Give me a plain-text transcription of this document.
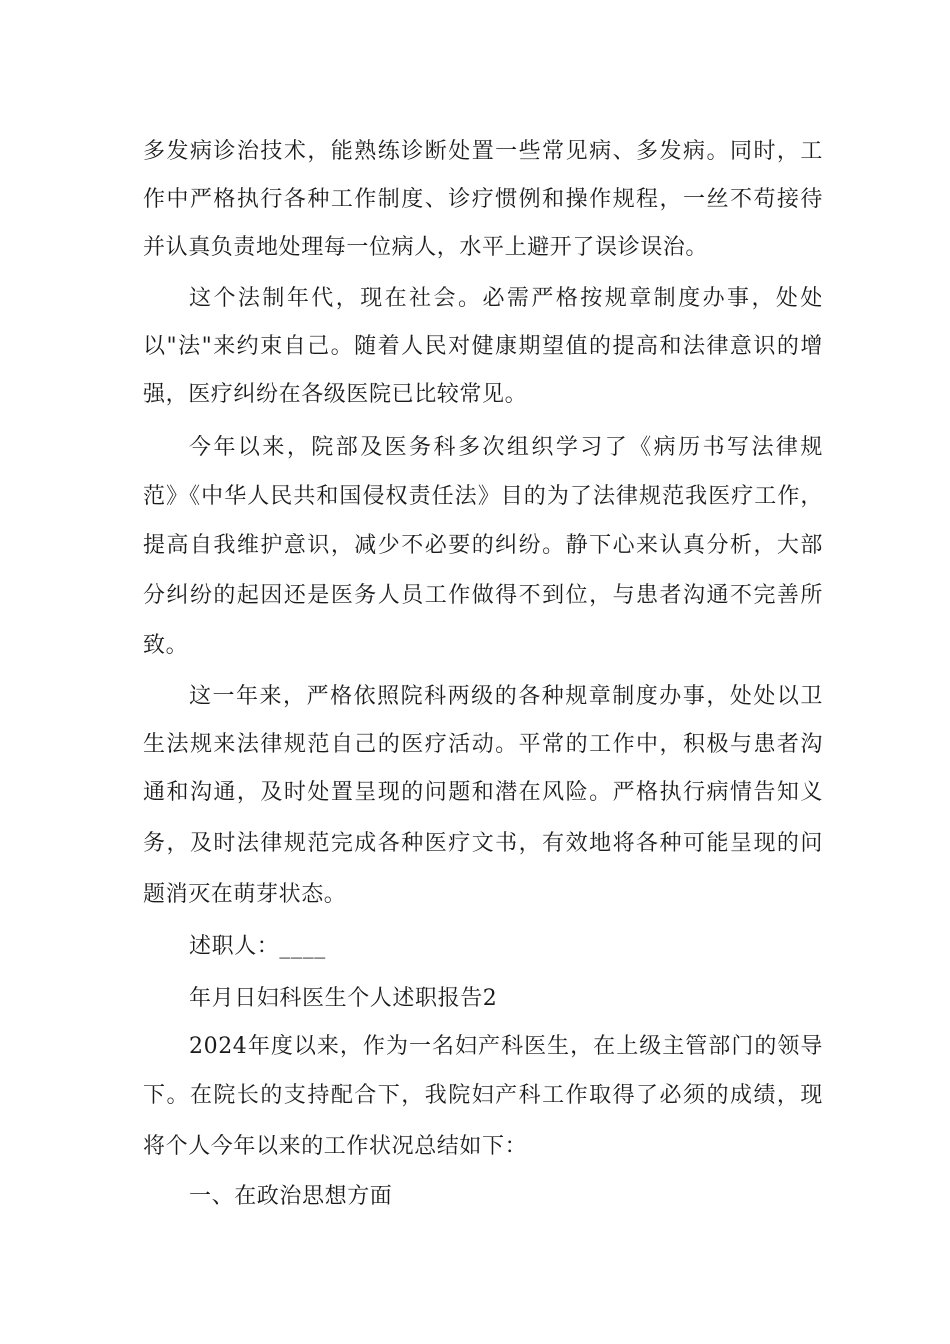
多发病诊治技术，能熟练诊断处置一些常见病、多发病。同时，工
作中严格执行各种工作制度、诊疗惯例和操作规程，一丝不苟接待
并认真负责地处理每一位病人，水平上避开了误诊误治。
这个法制年代，现在社会。必需严格按规章制度办事，处处
以"法"来约束自己。随着人民对健康期望值的提高和法律意识的增
强，医疗纠纷在各级医院已比较常见。
今年以来，院部及医务科多次组织学习了《病历书写法律规
范》《中华人民共和国侵权责任法》目的为了法律规范我医疗工作，
提高自我维护意识，减少不必要的纠纷。静下心来认真分析，大部
分纠纷的起因还是医务人员工作做得不到位，与患者沟通不完善所
致。
这一年来，严格依照院科两级的各种规章制度办事，处处以卫
生法规来法律规范自己的医疗活动。平常的工作中，积极与患者沟
通和沟通，及时处置呈现的问题和潜在风险。严格执行病情告知义
务，及时法律规范完成各种医疗文书，有效地将各种可能呈现的问
题消灭在萌芽状态。
述职人：____
年月日妇科医生个人述职报告2
2024年度以来，作为一名妇产科医生，在上级主管部门的领导
下。在院长的支持配合下，我院妇产科工作取得了必须的成绩，现
将个人今年以来的工作状况总结如下：
一、在政治思想方面
